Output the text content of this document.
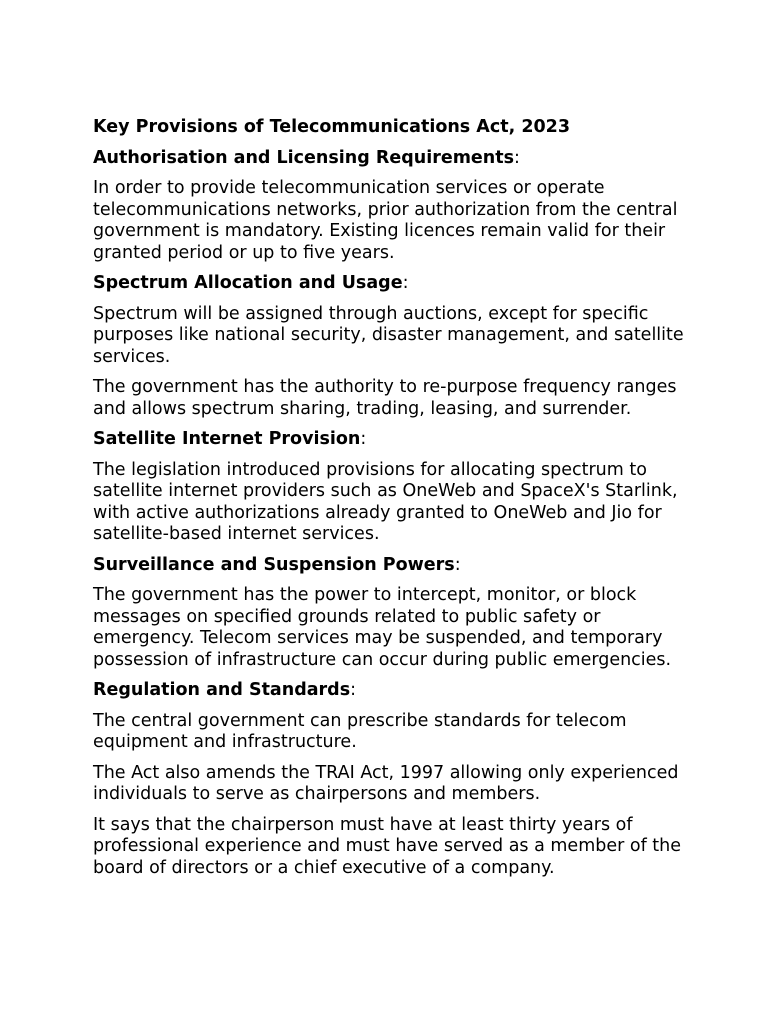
Key Provisions of Telecommunications Act, 2023
Authorisation and Licensing Requirements:

In order to provide telecommunication services or operate telecommunications networks, prior authorization from the central government is mandatory. Existing licences remain valid for their granted period or up to five years.

Spectrum Allocation and Usage:

Spectrum will be assigned through auctions, except for specific purposes like national security, disaster management, and satellite services.

The government has the authority to re-purpose frequency ranges and allows spectrum sharing, trading, leasing, and surrender.

Satellite Internet Provision:

The legislation introduced provisions for allocating spectrum to satellite internet providers such as OneWeb and SpaceX's Starlink, with active authorizations already granted to OneWeb and Jio for satellite-based internet services.

Surveillance and Suspension Powers:

The government has the power to intercept, monitor, or block messages on specified grounds related to public safety or emergency. Telecom services may be suspended, and temporary possession of infrastructure can occur during public emergencies.

Regulation and Standards:

The central government can prescribe standards for telecom equipment and infrastructure.

The Act also amends the TRAI Act, 1997 allowing only experienced individuals to serve as chairpersons and members.

It says that the chairperson must have at least thirty years of professional experience and must have served as a member of the board of directors or a chief executive of a company.
